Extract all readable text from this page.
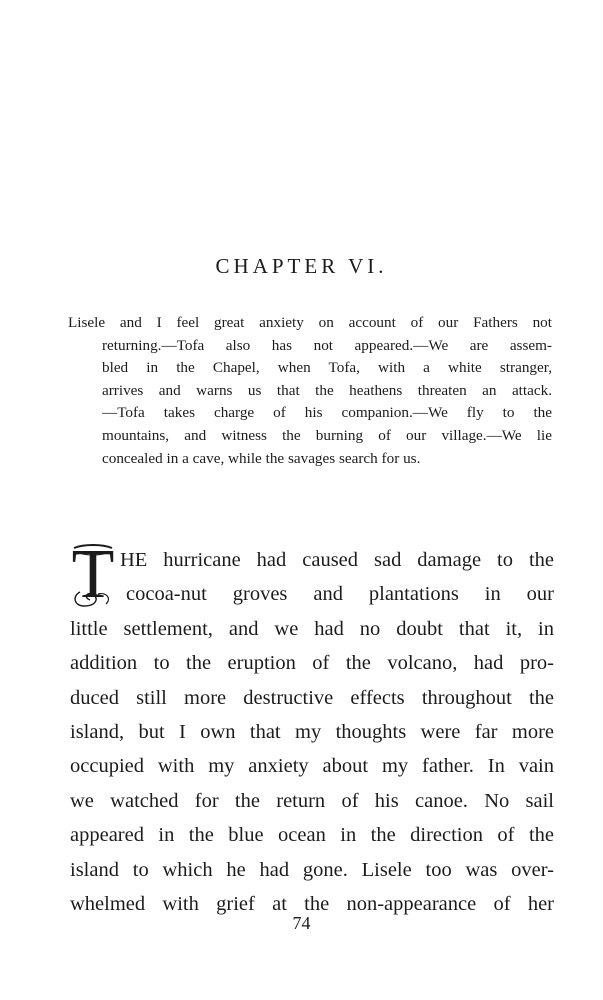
CHAPTER VI.
Lisele and I feel great anxiety on account of our Fathers not
returning.—Tofa also has not appeared.—We are assem-
bled in the Chapel, when Tofa, with a white stranger,
arrives and warns us that the heathens threaten an attack.
—Tofa takes charge of his companion.—We fly to the
mountains, and witness the burning of our village.—We lie
concealed in a cave, while the savages search for us.
T HE hurricane had caused sad damage to the
cocoa-nut groves and plantations in our
little settlement, and we had no doubt that it, in
addition to the eruption of the volcano, had pro-
duced still more destructive effects throughout the
island, but I own that my thoughts were far more
occupied with my anxiety about my father. In vain
we watched for the return of his canoe. No sail
appeared in the blue ocean in the direction of the
island to which he had gone. Lisele too was over-
whelmed with grief at the non-appearance of her
74
